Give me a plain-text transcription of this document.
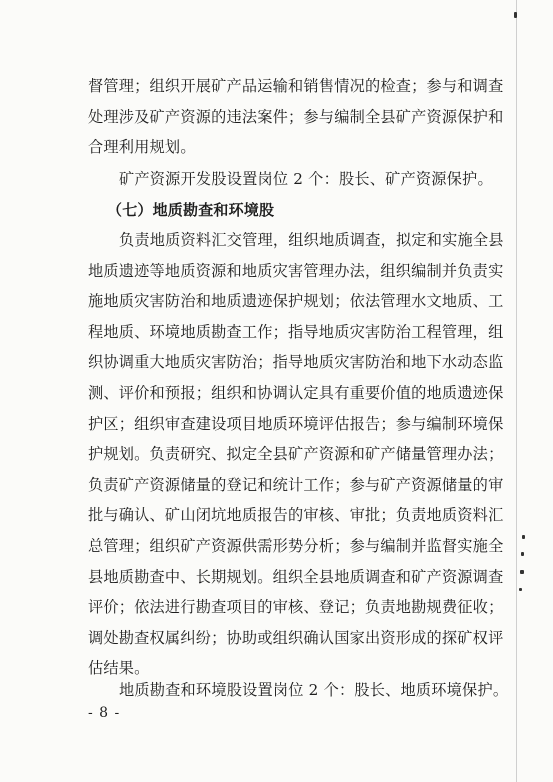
督管理；组织开展矿产品运输和销售情况的检查；参与和调查
处理涉及矿产资源的违法案件；参与编制全县矿产资源保护和
合理利用规划。
矿产资源开发股设置岗位 2 个：股长、矿产资源保护。
（七）地质勘查和环境股
负责地质资料汇交管理，组织地质调查，拟定和实施全县
地质遗迹等地质资源和地质灾害管理办法，组织编制并负责实
施地质灾害防治和地质遗迹保护规划；依法管理水文地质、工
程地质、环境地质勘查工作；指导地质灾害防治工程管理，组
织协调重大地质灾害防治；指导地质灾害防治和地下水动态监
测、评价和预报；组织和协调认定具有重要价值的地质遗迹保
护区；组织审查建设项目地质环境评估报告；参与编制环境保
护规划。负责研究、拟定全县矿产资源和矿产储量管理办法；
负责矿产资源储量的登记和统计工作；参与矿产资源储量的审
批与确认、矿山闭坑地质报告的审核、审批；负责地质资料汇
总管理；组织矿产资源供需形势分析；参与编制并监督实施全
县地质勘查中、长期规划。组织全县地质调查和矿产资源调查
评价；依法进行勘查项目的审核、登记；负责地勘规费征收；
调处勘查权属纠纷；协助或组织确认国家出资形成的探矿权评
估结果。
地质勘查和环境股设置岗位 2 个：股长、地质环境保护。
- 8 -
